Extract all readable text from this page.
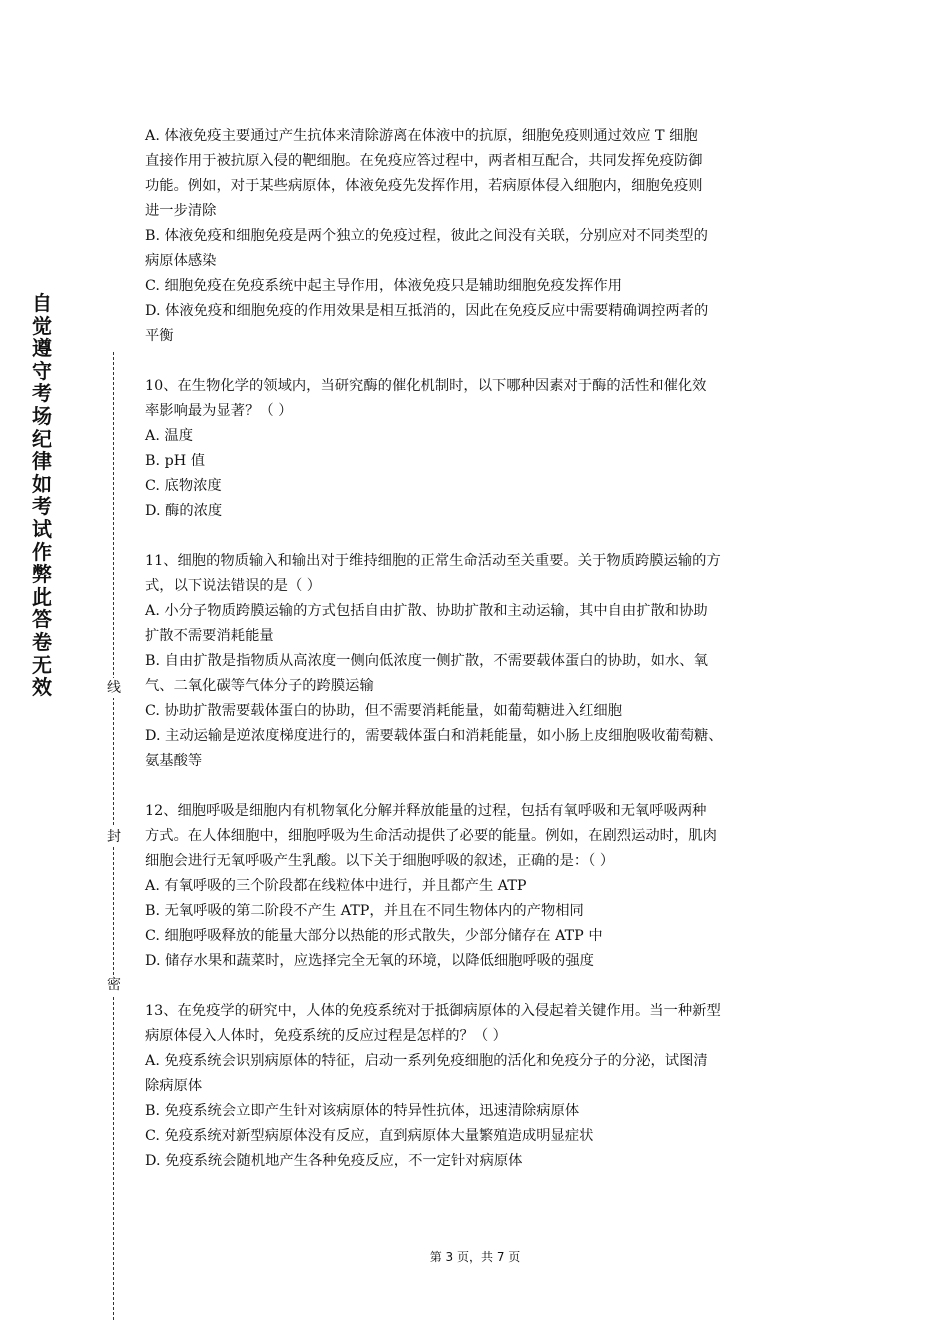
自觉遵守考场纪律如考试作弊此答卷无效	线
封
密
A. 体液免疫主要通过产生抗体来清除游离在体液中的抗原，细胞免疫则通过效应 T 细胞
直接作用于被抗原入侵的靶细胞。在免疫应答过程中，两者相互配合，共同发挥免疫防御
功能。例如，对于某些病原体，体液免疫先发挥作用，若病原体侵入细胞内，细胞免疫则
进一步清除
B. 体液免疫和细胞免疫是两个独立的免疫过程，彼此之间没有关联，分别应对不同类型的
病原体感染
C. 细胞免疫在免疫系统中起主导作用，体液免疫只是辅助细胞免疫发挥作用
D. 体液免疫和细胞免疫的作用效果是相互抵消的，因此在免疫反应中需要精确调控两者的
平衡
10、在生物化学的领域内，当研究酶的催化机制时，以下哪种因素对于酶的活性和催化效
率影响最为显著？（ ）
A. 温度
B. pH 值
C. 底物浓度
D. 酶的浓度
11、细胞的物质输入和输出对于维持细胞的正常生命活动至关重要。关于物质跨膜运输的方
式，以下说法错误的是（ ）
A. 小分子物质跨膜运输的方式包括自由扩散、协助扩散和主动运输，其中自由扩散和协助
扩散不需要消耗能量
B. 自由扩散是指物质从高浓度一侧向低浓度一侧扩散，不需要载体蛋白的协助，如水、氧
气、二氧化碳等气体分子的跨膜运输
C. 协助扩散需要载体蛋白的协助，但不需要消耗能量，如葡萄糖进入红细胞
D. 主动运输是逆浓度梯度进行的，需要载体蛋白和消耗能量，如小肠上皮细胞吸收葡萄糖、
氨基酸等
12、细胞呼吸是细胞内有机物氧化分解并释放能量的过程，包括有氧呼吸和无氧呼吸两种
方式。在人体细胞中，细胞呼吸为生命活动提供了必要的能量。例如，在剧烈运动时，肌肉
细胞会进行无氧呼吸产生乳酸。以下关于细胞呼吸的叙述，正确的是：（ ）
A. 有氧呼吸的三个阶段都在线粒体中进行，并且都产生 ATP
B. 无氧呼吸的第二阶段不产生 ATP，并且在不同生物体内的产物相同
C. 细胞呼吸释放的能量大部分以热能的形式散失，少部分储存在 ATP 中
D. 储存水果和蔬菜时，应选择完全无氧的环境，以降低细胞呼吸的强度
13、在免疫学的研究中，人体的免疫系统对于抵御病原体的入侵起着关键作用。当一种新型
病原体侵入人体时，免疫系统的反应过程是怎样的？（ ）
A. 免疫系统会识别病原体的特征，启动一系列免疫细胞的活化和免疫分子的分泌，试图清
除病原体
B. 免疫系统会立即产生针对该病原体的特异性抗体，迅速清除病原体
C. 免疫系统对新型病原体没有反应，直到病原体大量繁殖造成明显症状
D. 免疫系统会随机地产生各种免疫反应，不一定针对病原体
第 3 页，共 7 页
